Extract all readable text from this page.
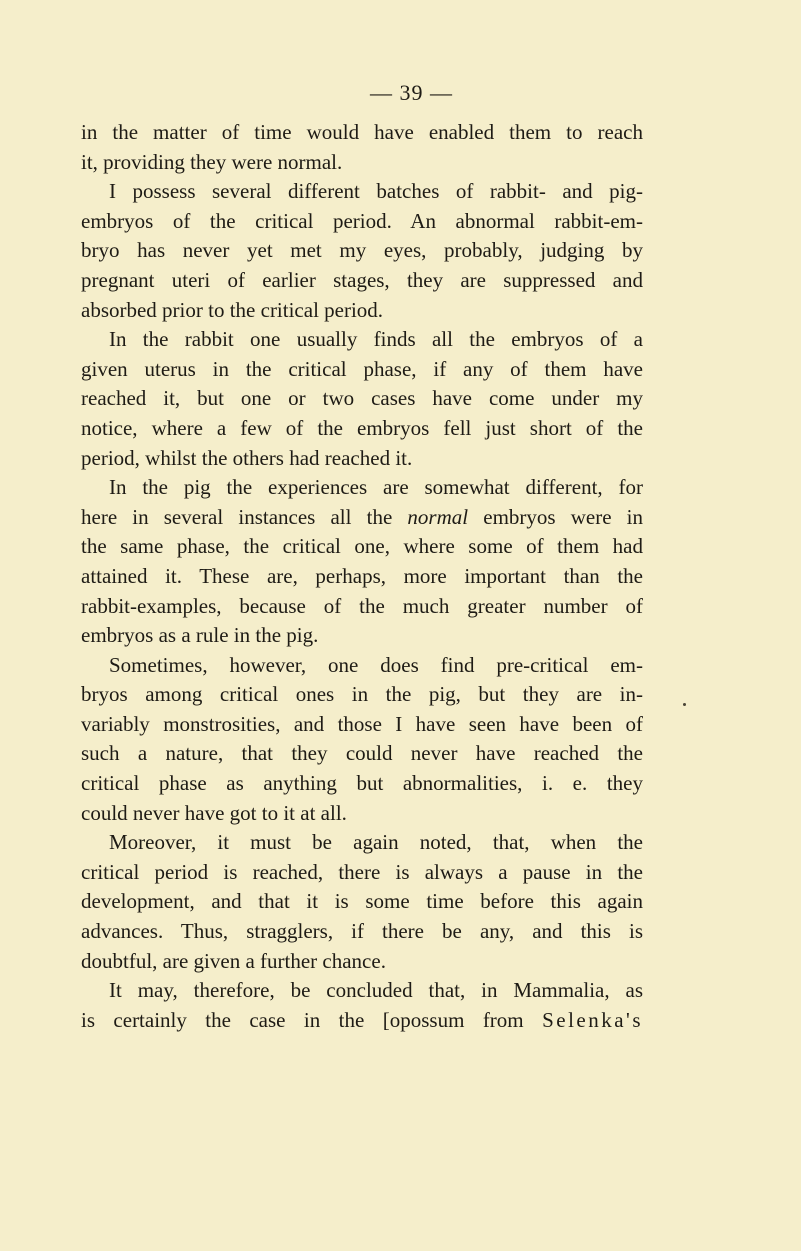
— 39 —
in the matter of time would have enabled them to reach
it, providing they were normal.
I possess several different batches of rabbit- and pig-
embryos of the critical period. An abnormal rabbit-em-
bryo has never yet met my eyes, probably, judging by
pregnant uteri of earlier stages, they are suppressed and
absorbed prior to the critical period.
In the rabbit one usually finds all the embryos of a
given uterus in the critical phase, if any of them have
reached it, but one or two cases have come under my
notice, where a few of the embryos fell just short of the
period, whilst the others had reached it.
In the pig the experiences are somewhat different, for
here in several instances all the normal embryos were in
the same phase, the critical one, where some of them had
attained it. These are, perhaps, more important than the
rabbit-examples, because of the much greater number of
embryos as a rule in the pig.
Sometimes, however, one does find pre-critical em-
bryos among critical ones in the pig, but they are in-
variably monstrosities, and those I have seen have been of
such a nature, that they could never have reached the
critical phase as anything but abnormalities, i. e. they
could never have got to it at all.
Moreover, it must be again noted, that, when the
critical period is reached, there is always a pause in the
development, and that it is some time before this again
advances. Thus, stragglers, if there be any, and this is
doubtful, are given a further chance.
It may, therefore, be concluded that, in Mammalia, as
is certainly the case in the [opossum from Selenka's
